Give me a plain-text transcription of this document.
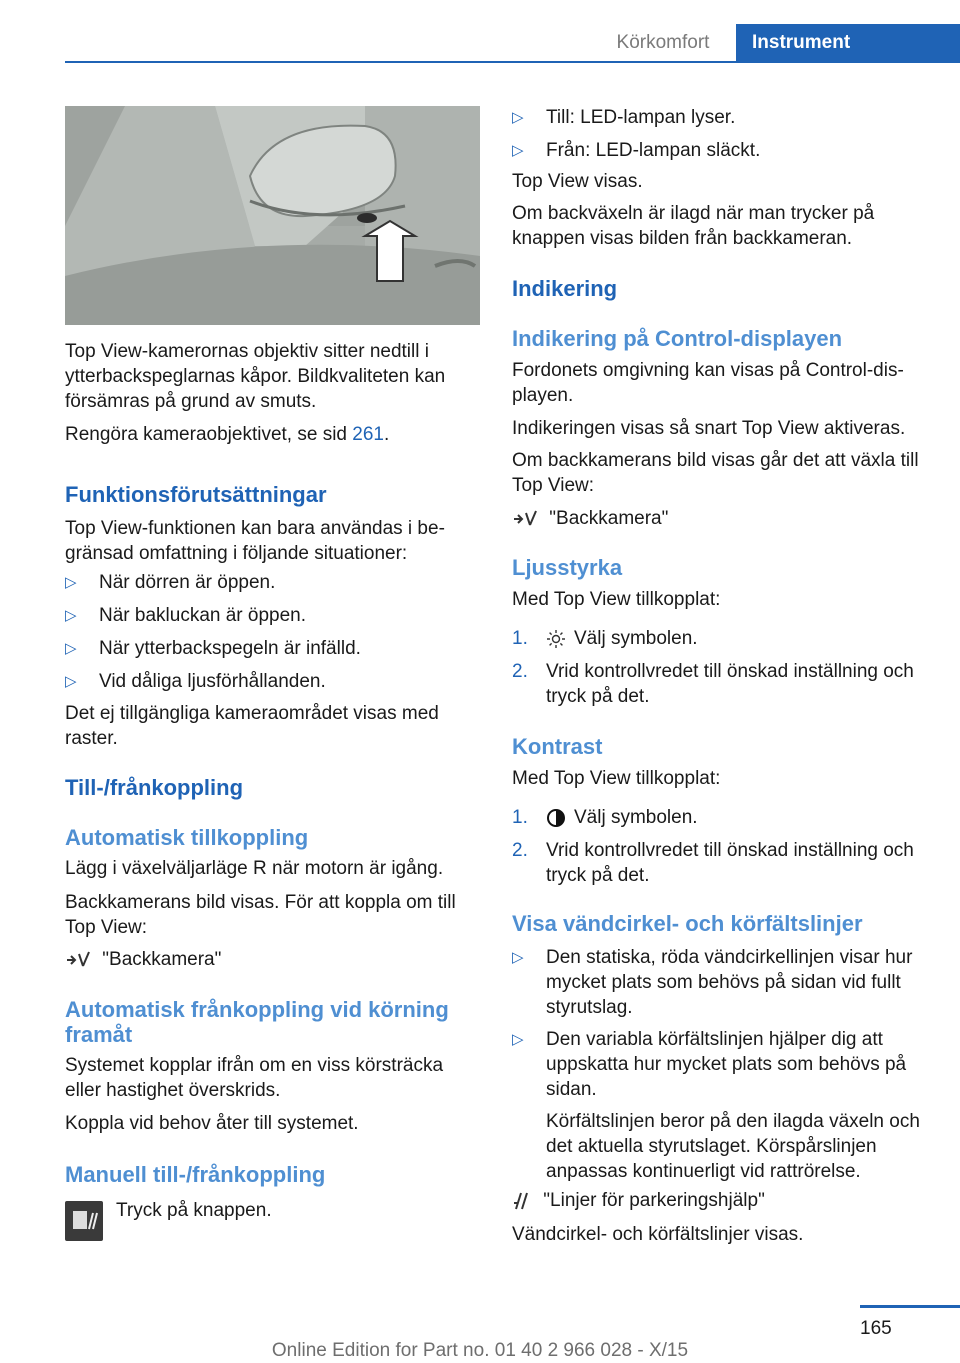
Körkomfort	Instrument

Top View-kamerornas objektiv sitter nedtill i ytterbackspeglarnas kåpor. Bildkvaliteten kan försämras på grund av smuts.

Rengöra kameraobjektivet, se sid 261.

Funktionsförutsättningar

Top View-funktionen kan bara användas i begränsad omfattning i följande situationer:

▷ När dörren är öppen.
▷ När bakluckan är öppen.
▷ När ytterbackspegeln är infälld.
▷ Vid dåliga ljusförhållanden.

Det ej tillgängliga kameraområdet visas med raster.

Till-/frånkoppling
Automatisk tillkoppling

Lägg i växelväljarläge R när motorn är igång.

Backkamerans bild visas. För att koppla om till Top View:

"Backkamera"

Automatisk frånkoppling vid körning framåt

Systemet kopplar ifrån om en viss körsträcka eller hastighet överskrids.

Koppla vid behov åter till systemet.

Manuell till-/frånkoppling

Tryck på knappen.

▷ Till: LED-lampan lyser.
▷ Från: LED-lampan släckt.

Top View visas.

Om backväxeln är ilagd när man trycker på knappen visas bilden från backkameran.

Indikering
Indikering på Control-displayen

Fordonets omgivning kan visas på Control-displayen.

Indikeringen visas så snart Top View aktiveras.

Om backkamerans bild visas går det att växla till Top View:

"Backkamera"

Ljusstyrka

Med Top View tillkopplat:

1.	Välj symbolen.
2. Vrid kontrollvredet till önskad inställning och tryck på det.
Kontrast

Med Top View tillkopplat:

1.	Välj symbolen.
2. Vrid kontrollvredet till önskad inställning och tryck på det.
Visa vändcirkel- och körfältslinjer
▷ Den statiska, röda vändcirkellinjen visar hur mycket plats som behövs på sidan vid fullt styrutslag.
▷ Den variabla körfältslinjen hjälper dig att uppskatta hur mycket plats som behövs på sidan.

Körfältslinjen beror på den ilagda växeln och det aktuella styrutslaget. Körspårslinjen anpassas kontinuerligt vid rattrörelse.

"Linjer för parkeringshjälp"

Vändcirkel- och körfältslinjer visas.

165
Online Edition for Part no. 01 40 2 966 028 - X/15
